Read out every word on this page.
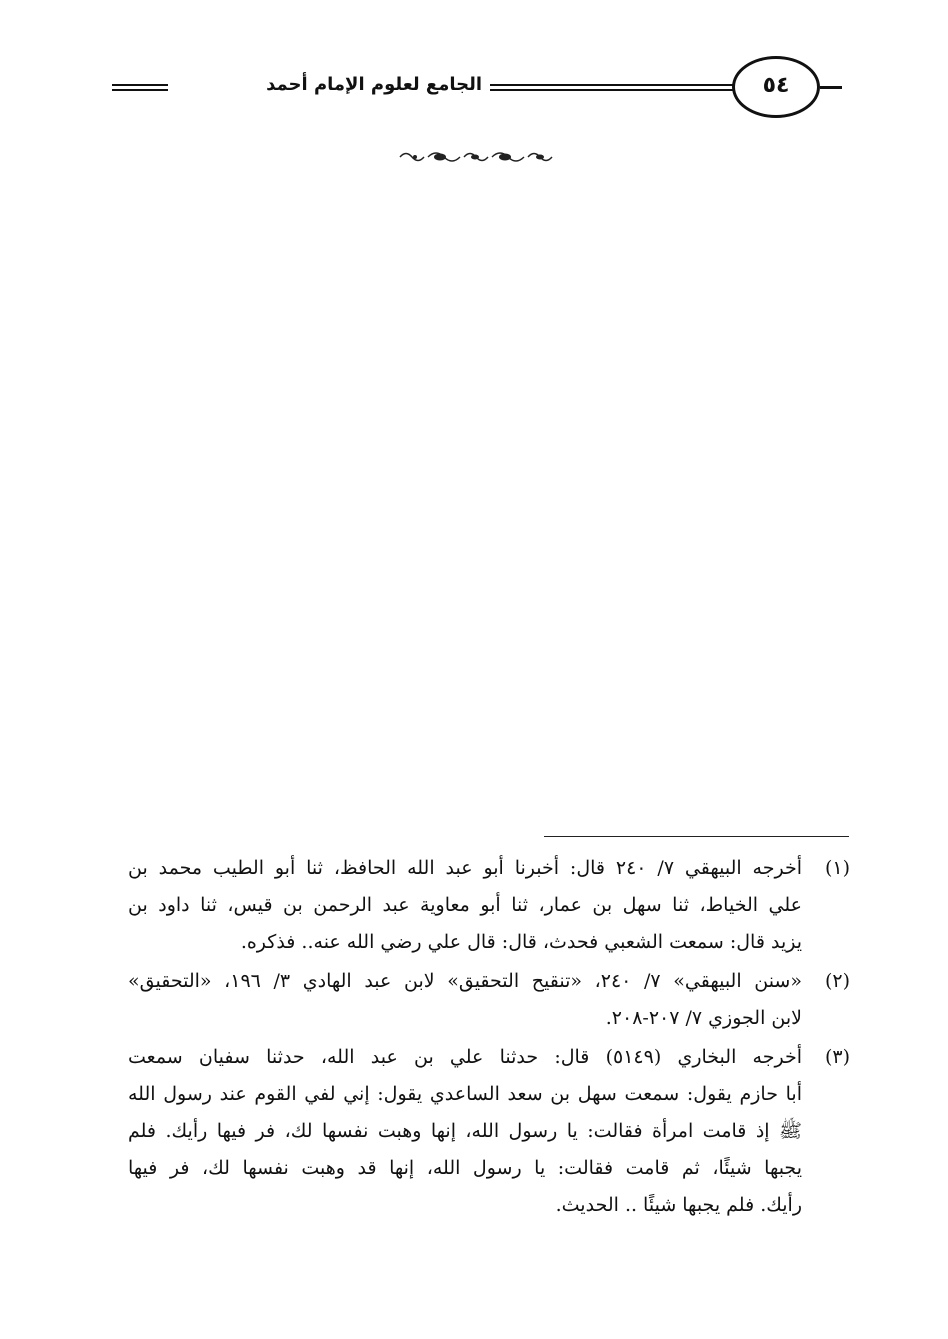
الجامع لعلوم الإمام أحمد	٥٤
(١)
أخرجه البيهقي ٧/ ٢٤٠ قال: أخبرنا أبو عبد الله الحافظ، ثنا أبو الطيب محمد بن
علي الخياط، ثنا سهل بن عمار، ثنا أبو معاوية عبد الرحمن بن قيس، ثنا داود بن
يزيد قال: سمعت الشعبي فحدث، قال: قال علي رضي الله عنه.. فذكره.
(٢)
«سنن البيهقي» ٧/ ٢٤٠، «تنقيح التحقيق» لابن عبد الهادي ٣/ ١٩٦، «التحقيق»
لابن الجوزي ٧/ ٢٠٧-٢٠٨.
(٣)
أخرجه البخاري (٥١٤٩) قال: حدثنا علي بن عبد الله، حدثنا سفيان سمعت
أبا حازم يقول: سمعت سهل بن سعد الساعدي يقول: إني لفي القوم عند رسول الله
ﷺ إذ قامت امرأة فقالت: يا رسول الله، إنها وهبت نفسها لك، فر فيها رأيك. فلم
يجبها شيئًا، ثم قامت فقالت: يا رسول الله، إنها قد وهبت نفسها لك، فر فيها
رأيك. فلم يجبها شيئًا .. الحديث.
